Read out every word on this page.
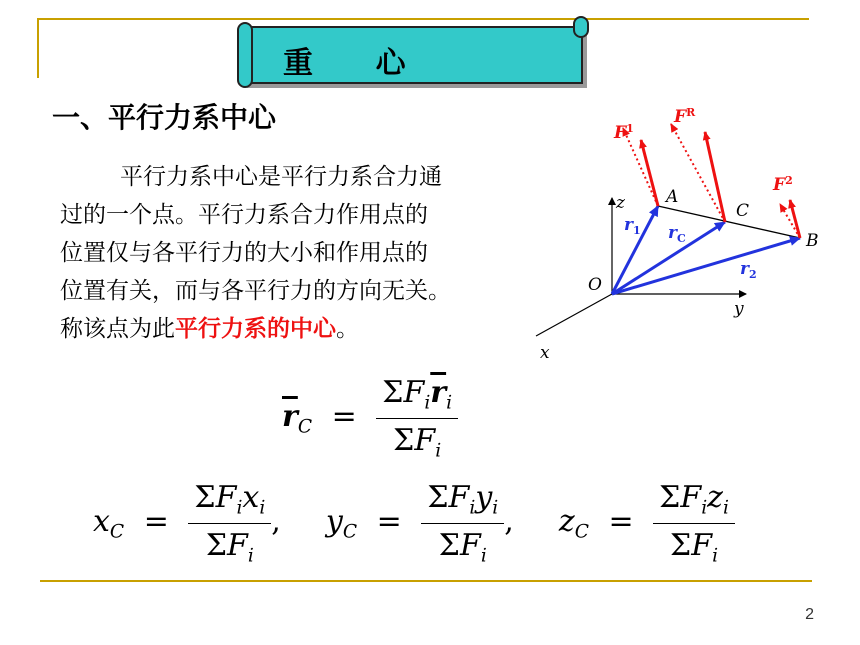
重      心
一、平行力系中心
平行力系中心是平行力系合力通
过的一个点。平行力系合力作用点的
位置仅与各平行力的大小和作用点的
位置有关，而与各平行力的方向无关。
称该点为此平行力系的中心。
$\overline{r}_C = \frac{\Sigma F_i\overline{r}_i}{\Sigma F_i}$
$x_C = \frac{\Sigma F_ix_i}{\Sigma F_i}$ , $y_C = \frac{\Sigma F_iy_i}{\Sigma F_i}$ , $z_C = \frac{\Sigma F_iz_i}{\Sigma F_i}$
$F^1$
$F^R$
$F^2$
A
C
B
O
z
y
x
$r_1$ $r_C$
$r_2$
2
